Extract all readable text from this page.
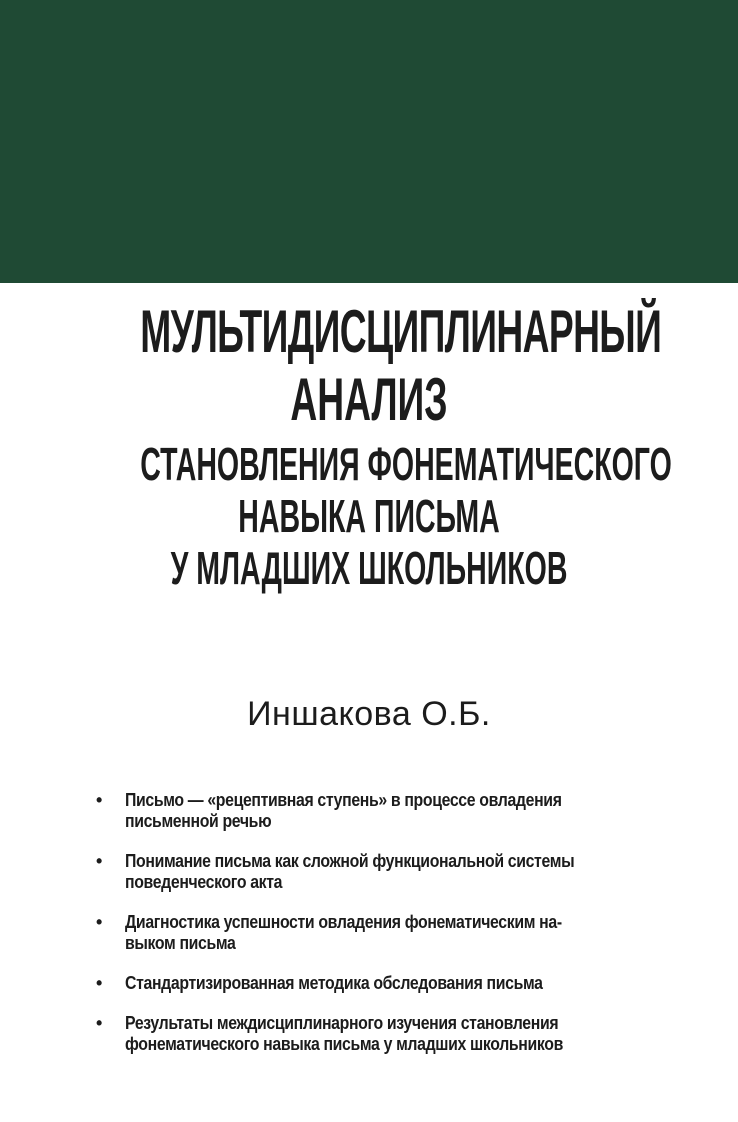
МУЛЬТИДИСЦИПЛИНАРНЫЙ
АНАЛИЗ
СТАНОВЛЕНИЯ ФОНЕМАТИЧЕСКОГО
НАВЫКА ПИСЬМА
У МЛАДШИХ ШКОЛЬНИКОВ
Иншакова О.Б.
• Письмо — «рецептивная ступень» в процессе овладения
письменной речью
• Понимание письма как сложной функциональной системы
поведенческого акта
• Диагностика успешности овладения фонематическим на-
выком письма
• Стандартизированная методика обследования письма
• Результаты междисциплинарного изучения становления
фонематического навыка письма у младших школьников
